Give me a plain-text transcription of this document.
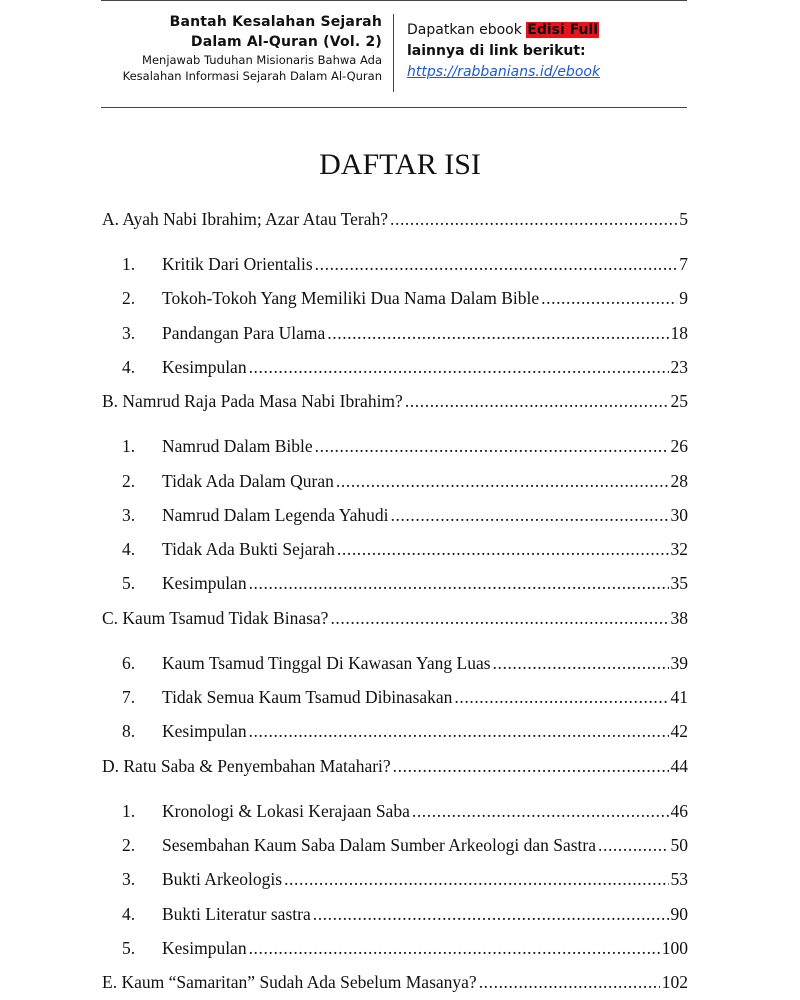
Bantah Kesalahan Sejarah
Dalam Al-Quran (Vol. 2)
Menjawab Tuduhan Misionaris Bahwa Ada
Kesalahan Informasi Sejarah Dalam Al-Quran
Dapatkan ebook Edisi Full
lainnya di link berikut:
https://rabbanians.id/ebook
DAFTAR ISI
A. Ayah Nabi Ibrahim; Azar Atau Terah? .....	5
1.	Kritik Dari Orientalis .....	7
2.	Tokoh-Tokoh Yang Memiliki Dua Nama Dalam Bible .....	9
3.	Pandangan Para Ulama .....	18
4.	Kesimpulan .....	23
B. Namrud Raja Pada Masa Nabi Ibrahim? .....	25
1.	Namrud Dalam Bible .....	26
2.	Tidak Ada Dalam Quran .....	28
3.	Namrud Dalam Legenda Yahudi .....	30
4.	Tidak Ada Bukti Sejarah .....	32
5.	Kesimpulan .....	35
C. Kaum Tsamud Tidak Binasa? .....	38
6.	Kaum Tsamud Tinggal Di Kawasan Yang Luas .....	39
7.	Tidak Semua Kaum Tsamud Dibinasakan .....	41
8.	Kesimpulan .....	42
D. Ratu Saba & Penyembahan Matahari? .....	44
1.	Kronologi & Lokasi Kerajaan Saba .....	46
2.	Sesembahan Kaum Saba Dalam Sumber Arkeologi dan Sastra .....	50
3.	Bukti Arkeologis .....	53
4.	Bukti Literatur sastra .....	90
5.	Kesimpulan .....	100
E. Kaum “Samaritan” Sudah Ada Sebelum Masanya? .....	102
